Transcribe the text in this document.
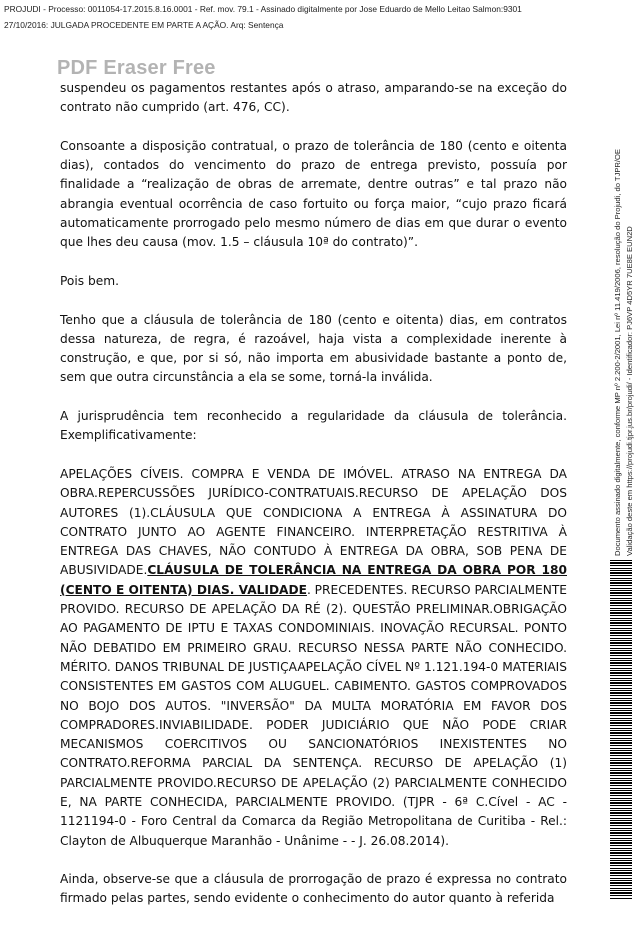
PROJUDI - Processo: 0011054-17.2015.8.16.0001 - Ref. mov. 79.1 - Assinado digitalmente por Jose Eduardo de Mello Leitao Salmon:9301
27/10/2016: JULGADA PROCEDENTE EM PARTE A AÇÃO. Arq: Sentença
PDF Eraser Free

suspendeu os pagamentos restantes após o atraso, amparando-se na exceção do contrato não cumprido (art. 476, CC).

Consoante a disposição contratual, o prazo de tolerância de 180 (cento e oitenta dias), contados do vencimento do prazo de entrega previsto, possuía por finalidade a “realização de obras de arremate, dentre outras” e tal prazo não abrangia eventual ocorrência de caso fortuito ou força maior, “cujo prazo ficará automaticamente prorrogado pelo mesmo número de dias em que durar o evento que lhes deu causa (mov. 1.5 – cláusula 10ª do contrato)”.

Pois bem.

Tenho que a cláusula de tolerância de 180 (cento e oitenta) dias, em contratos dessa natureza, de regra, é razoável, haja vista a complexidade inerente à construção, e que, por si só, não importa em abusividade bastante a ponto de, sem que outra circunstância a ela se some, torná-la inválida.

A jurisprudência tem reconhecido a regularidade da cláusula de tolerância. Exemplificativamente:

APELAÇÕES CÍVEIS. COMPRA E VENDA DE IMÓVEL. ATRASO NA ENTREGA DA OBRA.REPERCUSSÕES JURÍDICO-CONTRATUAIS.RECURSO DE APELAÇÃO DOS AUTORES (1).CLÁUSULA QUE CONDICIONA A ENTREGA À ASSINATURA DO CONTRATO JUNTO AO AGENTE FINANCEIRO. INTERPRETAÇÃO RESTRITIVA À ENTREGA DAS CHAVES, NÃO CONTUDO À ENTREGA DA OBRA, SOB PENA DE ABUSIVIDADE.CLÁUSULA DE TOLERÂNCIA NA ENTREGA DA OBRA POR 180 (CENTO E OITENTA) DIAS. VALIDADE. PRECEDENTES. RECURSO PARCIALMENTE PROVIDO. RECURSO DE APELAÇÃO DA RÉ (2). QUESTÃO PRELIMINAR.OBRIGAÇÃO AO PAGAMENTO DE IPTU E TAXAS CONDOMINIAIS. INOVAÇÃO RECURSAL. PONTO NÃO DEBATIDO EM PRIMEIRO GRAU. RECURSO NESSA PARTE NÃO CONHECIDO. MÉRITO. DANOS TRIBUNAL DE JUSTIÇAAPELAÇÃO CÍVEL Nº 1.121.194-0 MATERIAIS CONSISTENTES EM GASTOS COM ALUGUEL. CABIMENTO. GASTOS COMPROVADOS NO BOJO DOS AUTOS. "INVERSÃO" DA MULTA MORATÓRIA EM FAVOR DOS COMPRADORES.INVIABILIDADE. PODER JUDICIÁRIO QUE NÃO PODE CRIAR MECANISMOS COERCITIVOS OU SANCIONATÓRIOS INEXISTENTES NO CONTRATO.REFORMA PARCIAL DA SENTENÇA. RECURSO DE APELAÇÃO (1) PARCIALMENTE PROVIDO.RECURSO DE APELAÇÃO (2) PARCIALMENTE CONHECIDO E, NA PARTE CONHECIDA, PARCIALMENTE PROVIDO. (TJPR - 6ª C.Cível - AC - 1121194-0 - Foro Central da Comarca da Região Metropolitana de Curitiba - Rel.: Clayton de Albuquerque Maranhão - Unânime - - J. 26.08.2014).

Ainda, observe-se que a cláusula de prorrogação de prazo é expressa no contrato firmado pelas partes, sendo evidente o conhecimento do autor quanto à referida

Documento assinado digitalmente, conforme MP nº 2.200-2/2001, Lei nº 11.419/2006, resolução do Projudi, do TJPR/OE Validação deste em https://projudi.tjpr.jus.br/projudi/ - Identificador: PJ6VP 4D5YR 7UE8E EUN2D
